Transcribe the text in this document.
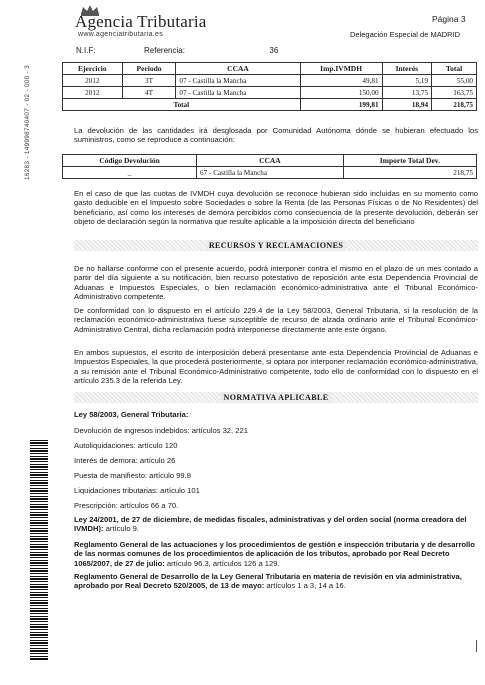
Agencia Tributaria
www.agenciatributaria.es
Página 3
Delegación Especial de MADRID
N.I.F:	Referencia:	36
Ejercicio	Periodo	CCAA	Imp.IVMDH	Interés	Total
2012	3T	07 - Castilla la Mancha	49,81	5,19	55,00
2012	4T	07 - Castilla la Mancha	150,00	13,75	163,75
Total			199,81	18,94	218,75
La devolución de las cantidades irá desglosada por Comunidad Autónoma dónde se hubieran efectuado los suministros, como se reproduce a continuación:
Código Devolución	CCAA	Importe Total Dev.
_	67 - Castilla la Mancha	218,75
En el caso de que las cuotas de IVMDH cuya devolución se reconoce hubieran sido incluidas en su momento como gasto deducible en el Impuesto sobre Sociedades o sobre la Renta (de las Personas Físicas o de No Residentes) del beneficiario, así como los intereses de demora percibidos como consecuencia de la presente devolución, deberán ser objeto de declaración según la normativa que resulte aplicable a la imposición directa del beneficiario
RECURSOS Y RECLAMACIONES
De no hallarse conforme con el presente acuerdo, podrá interponer contra el mismo en el plazo de un mes contado a partir del día siguiente a su notificación, bien recurso potestativo de reposición ante esta Dependencia Provincial de Aduanas e Impuestos Especiales, o bien reclamación económico-administrativa ante el Tribunal Económico-Administrativo competente.
De conformidad con lo dispuesto en el artículo 229.4 de la Ley 58/2003, General Tributaria, si la resolución de la reclamación económico-administrativa fuese susceptible de recurso de alzada ordinario ante el Tribunal Económico-Administrativo Central, dicha reclamación podrá interponerse directamente ante este órgano.
En ambos supuestos, el escrito de interposición deberá presentarse ante esta Dependencia Provincial de Aduanas e Impuestos Especiales, la que procederá posteriormente, si optara por interponer reclamación económico-administrativa, a su remisión ante el Tribunal Económico-Administrativo competente, todo ello de conformidad con lo dispuesto en el artículo 235.3 de la referida Ley.
NORMATIVA APLICABLE
Ley 58/2003, General Tributaria:
Devolución de ingresos indebidos: artículos 32, 221
Autoliquidaciones: artículo 120
Interés de demora: artículo 26
Puesta de manifiesto: artículo 99.8
Liquidaciones tributarias: artículo 101
Prescripción: artículos 66 a 70.
Ley 24/2001, de 27 de diciembre, de medidas fiscales, administrativas y del orden social (norma creadora del IVMDH): artículo 9.
Reglamento General de las actuaciones y los procedimientos de gestión e inspección tributaria y de desarrollo de las normas comunes de los procedimientos de aplicación de los tributos, aprobado por Real Decreto 1065/2007, de 27 de julio: artículo 96.3, artículos 126 a 129.
Reglamento General de Desarrollo de la Ley General Tributaria en materia de revisión en vía administrativa, aprobado por Real Decreto 520/2005, de 13 de mayo: artículos 1 a 3, 14 a 16.
16283 - 149998740407 - 02 - 000 - 3
